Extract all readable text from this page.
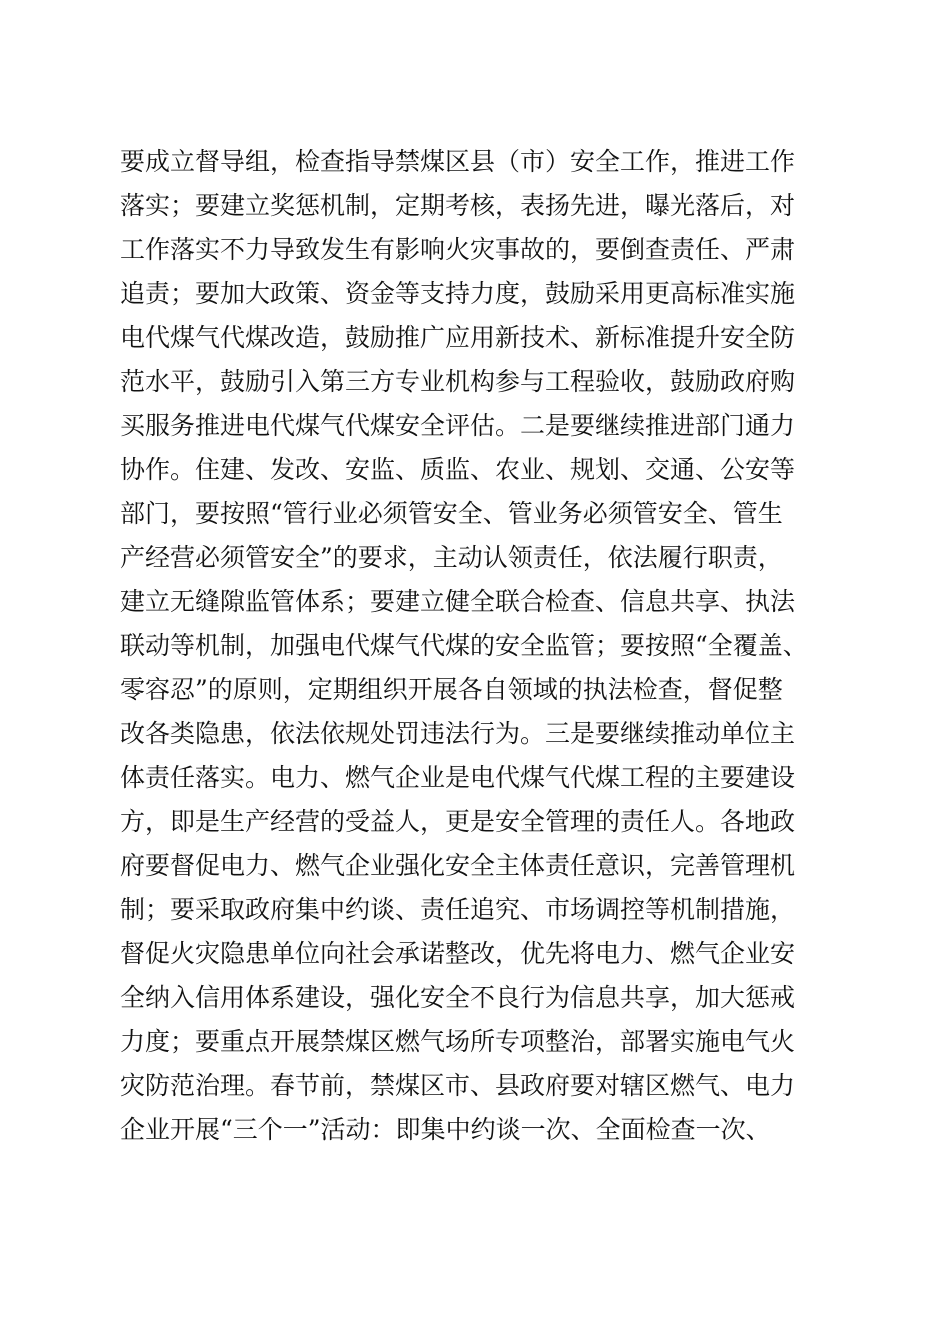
要成立督导组，检查指导禁煤区县（市）安全工作，推进工作
落实；要建立奖惩机制，定期考核，表扬先进，曝光落后，对
工作落实不力导致发生有影响火灾事故的，要倒查责任、严肃
追责；要加大政策、资金等支持力度，鼓励采用更高标准实施
电代煤气代煤改造，鼓励推广应用新技术、新标准提升安全防
范水平，鼓励引入第三方专业机构参与工程验收，鼓励政府购
买服务推进电代煤气代煤安全评估。二是要继续推进部门通力
协作。住建、发改、安监、质监、农业、规划、交通、公安等
部门，要按照“管行业必须管安全、管业务必须管安全、管生
产经营必须管安全”的要求，主动认领责任，依法履行职责，
建立无缝隙监管体系；要建立健全联合检查、信息共享、执法
联动等机制，加强电代煤气代煤的安全监管；要按照“全覆盖、
零容忍”的原则，定期组织开展各自领域的执法检查，督促整
改各类隐患，依法依规处罚违法行为。三是要继续推动单位主
体责任落实。电力、燃气企业是电代煤气代煤工程的主要建设
方，即是生产经营的受益人，更是安全管理的责任人。各地政
府要督促电力、燃气企业强化安全主体责任意识，完善管理机
制；要采取政府集中约谈、责任追究、市场调控等机制措施，
督促火灾隐患单位向社会承诺整改，优先将电力、燃气企业安
全纳入信用体系建设，强化安全不良行为信息共享，加大惩戒
力度；要重点开展禁煤区燃气场所专项整治，部署实施电气火
灾防范治理。春节前，禁煤区市、县政府要对辖区燃气、电力
企业开展“三个一”活动：即集中约谈一次、全面检查一次、
